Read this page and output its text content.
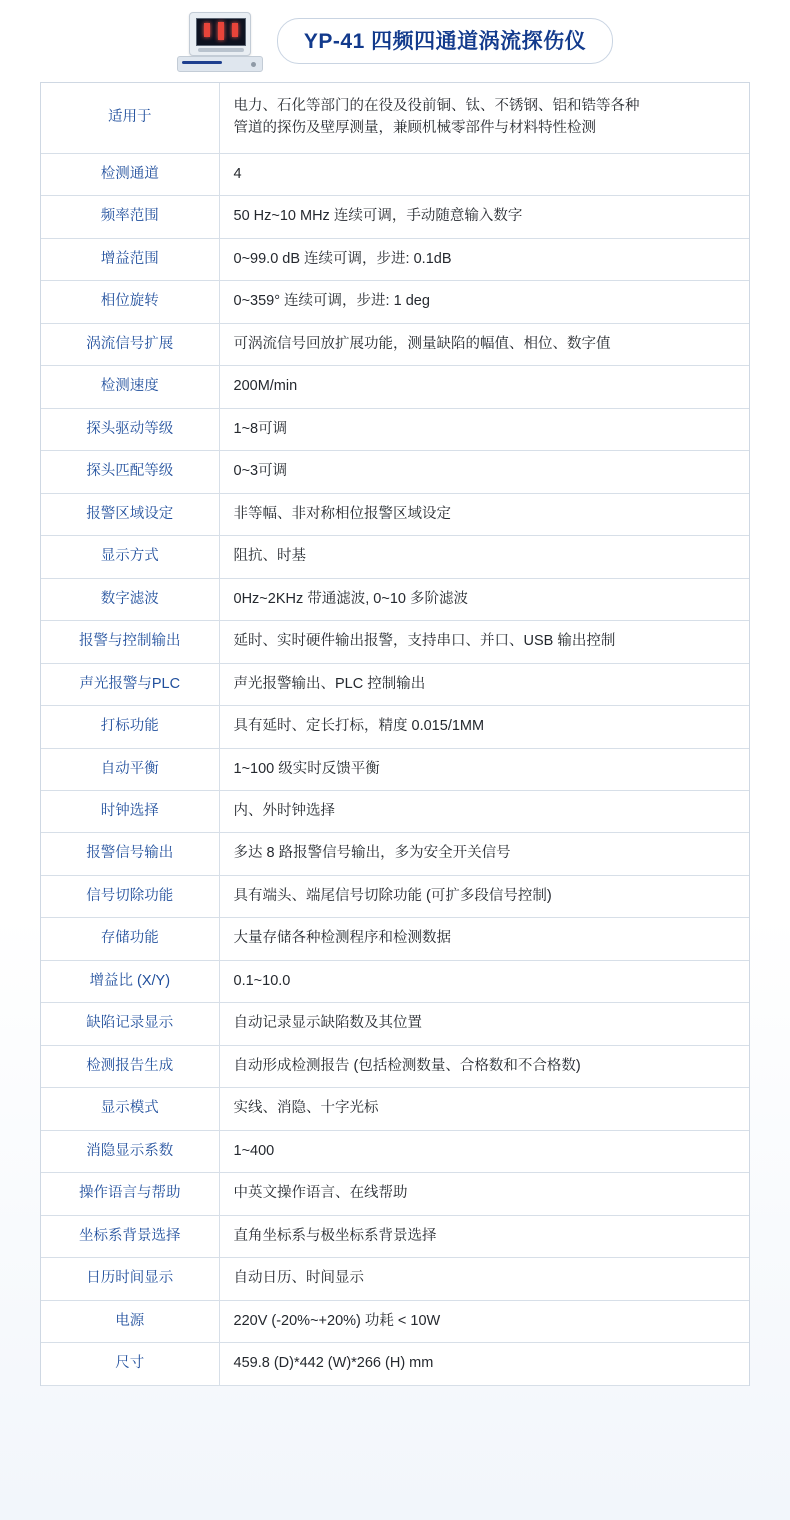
YP-41 四频四通道涡流探伤仪
适用于	电力、石化等部门的在役及役前铜、钛、不锈钢、铝和锆等各种
管道的探伤及壁厚测量，兼顾机械零部件与材料特性检测
检测通道	4
频率范围	50 Hz~10 MHz 连续可调，手动随意输入数字
增益范围	0~99.0 dB 连续可调，步进: 0.1dB
相位旋转	0~359° 连续可调，步进: 1 deg
涡流信号扩展	可涡流信号回放扩展功能，测量缺陷的幅值、相位、数字值
检测速度	200M/min
探头驱动等级	1~8可调
探头匹配等级	0~3可调
报警区域设定	非等幅、非对称相位报警区域设定
显示方式	阻抗、时基
数字滤波	0Hz~2KHz 带通滤波, 0~10 多阶滤波
报警与控制输出	延时、实时硬件输出报警，支持串口、并口、USB 输出控制
声光报警与PLC	声光报警输出、PLC 控制输出
打标功能	具有延时、定长打标，精度 0.015/1MM
自动平衡	1~100 级实时反馈平衡
时钟选择	内、外时钟选择
报警信号输出	多达 8 路报警信号输出，多为安全开关信号
信号切除功能	具有端头、端尾信号切除功能 (可扩多段信号控制)
存储功能	大量存储各种检测程序和检测数据
增益比 (X/Y)	0.1~10.0
缺陷记录显示	自动记录显示缺陷数及其位置
检测报告生成	自动形成检测报告 (包括检测数量、合格数和不合格数)
显示模式	实线、消隐、十字光标
消隐显示系数	1~400
操作语言与帮助	中英文操作语言、在线帮助
坐标系背景选择	直角坐标系与极坐标系背景选择
日历时间显示	自动日历、时间显示
电源	220V (-20%~+20%) 功耗 < 10W
尺寸	459.8 (D)*442 (W)*266 (H) mm
